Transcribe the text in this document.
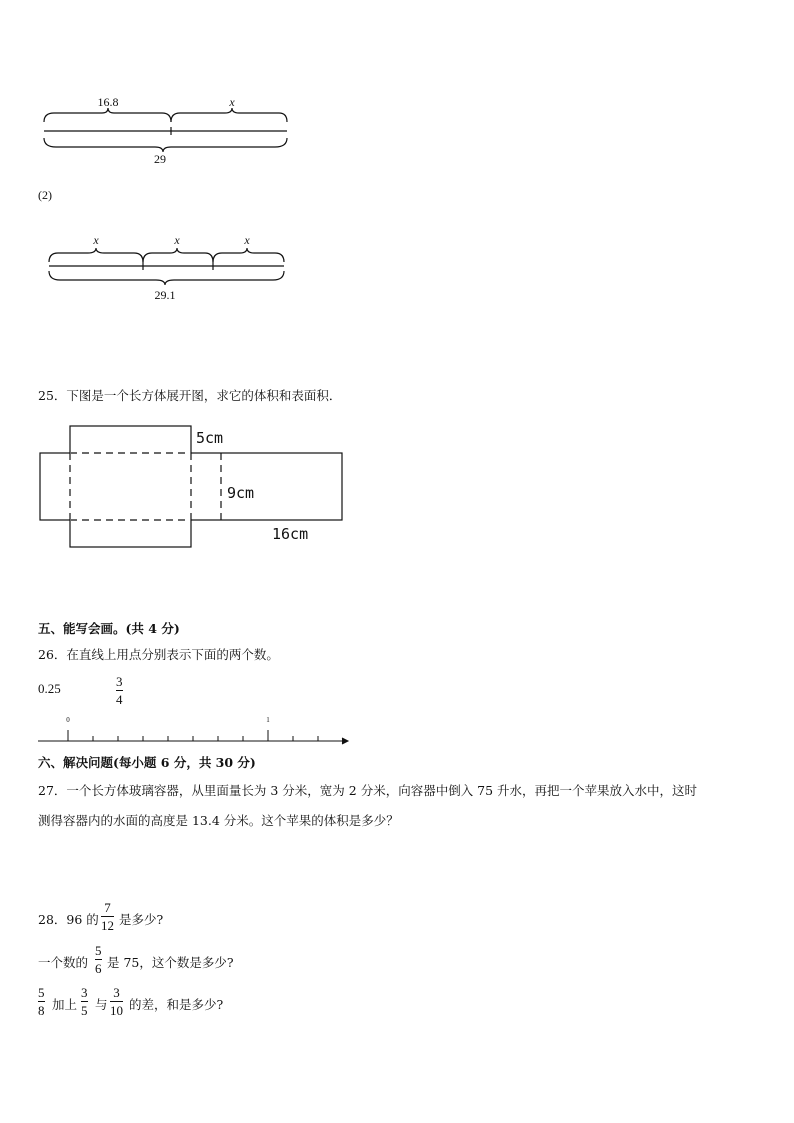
16.8	x
29
(2)
x	x	x
29.1
25．下图是一个长方体展开图，求它的体积和表面积．
5cm
9cm
16cm
五、能写会画。(共 4 分)
26．在直线上用点分别表示下面的两个数。
0.25	3
4
0	1
六、解决问题(每小题 6 分，共 30 分)
27．一个长方体玻璃容器，从里面量长为 3 分米，宽为 2 分米，向容器中倒入 75 升水，再把一个苹果放入水中，这时
测得容器内的水面的高度是 13.4 分米。这个苹果的体积是多少？
28．96 的
7
12 是多少?
一个数的
5
6 是 75，这个数是多少?
5
8 加上
3
5 与
3
10 的差，和是多少?
